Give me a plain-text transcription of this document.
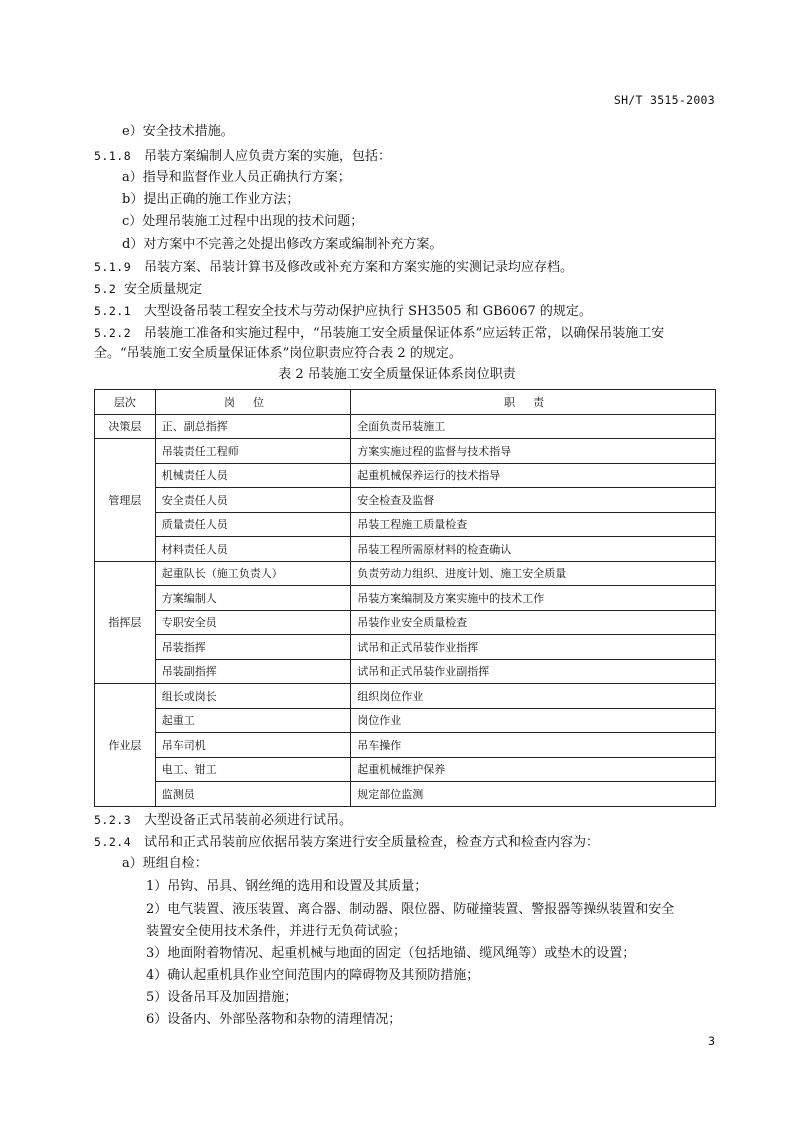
SH/T 3515-2003
e）安全技术措施。
5.1.8 吊装方案编制人应负责方案的实施，包括：
a）指导和监督作业人员正确执行方案；
b）提出正确的施工作业方法；
c）处理吊装施工过程中出现的技术问题；
d）对方案中不完善之处提出修改方案或编制补充方案。
5.1.9 吊装方案、吊装计算书及修改或补充方案和方案实施的实测记录均应存档。
5.2 安全质量规定
5.2.1 大型设备吊装工程安全技术与劳动保护应执行 SH3505 和 GB6067 的规定。
5.2.2 吊装施工准备和实施过程中，“吊装施工安全质量保证体系”应运转正常，以确保吊装施工安
全。“吊装施工安全质量保证体系”岗位职责应符合表 2 的规定。
表 2 吊装施工安全质量保证体系岗位职责
层次	岗位	职责
决策层	正、副总指挥	全面负责吊装施工
管理层	吊装责任工程师	方案实施过程的监督与技术指导
	机械责任人员	起重机械保养运行的技术指导
	安全责任人员	安全检查及监督
	质量责任人员	吊装工程施工质量检查
	材料责任人员	吊装工程所需原材料的检查确认
指挥层	起重队长（施工负责人）	负责劳动力组织、进度计划、施工安全质量
	方案编制人	吊装方案编制及方案实施中的技术工作
	专职安全员	吊装作业安全质量检查
	吊装指挥	试吊和正式吊装作业指挥
	吊装副指挥	试吊和正式吊装作业副指挥
作业层	组长或岗长	组织岗位作业
	起重工	岗位作业
	吊车司机	吊车操作
	电工、钳工	起重机械维护保养
	监测员	规定部位监测
5.2.3 大型设备正式吊装前必须进行试吊。
5.2.4 试吊和正式吊装前应依据吊装方案进行安全质量检查，检查方式和检查内容为：
a）班组自检：
1）吊钩、吊具、钢丝绳的选用和设置及其质量；
2）电气装置、液压装置、离合器、制动器、限位器、防碰撞装置、警报器等操纵装置和安全
装置安全使用技术条件，并进行无负荷试验；
3）地面附着物情况、起重机械与地面的固定（包括地锚、缆风绳等）或垫木的设置；
4）确认起重机具作业空间范围内的障碍物及其预防措施；
5）设备吊耳及加固措施；
6）设备内、外部坠落物和杂物的清理情况；
3
